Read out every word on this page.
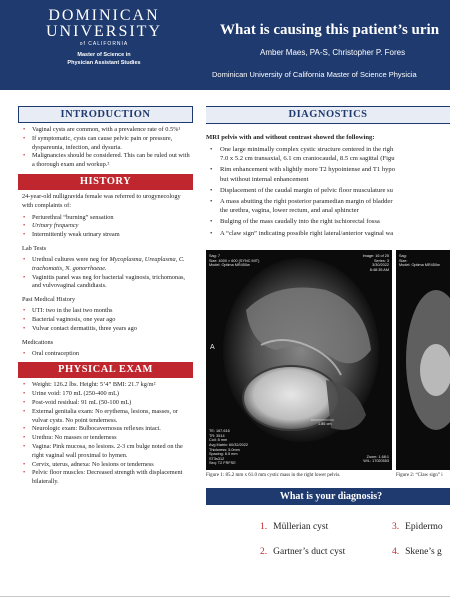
DOMINICAN
UNIVERSITY
of CALIFORNIA
Master of Science in
Physician Assistant Studies
What is causing this patient’s urin
Amber Maes, PA-S, Christopher P. Fores
Dominican University of California Master of Science Physicia
INTRODUCTION
• Vaginal cysts are common, with a prevalence rate of 0.5%¹
• If symptomatic, cysts can cause pelvic pain or pressure, dyspareunia, infection, and dysuria.
• Malignancies should be considered. This can be ruled out with a thorough exam and workup.²
HISTORY
24-year-old nulligravida female was referred to urogynecology with complaints of:
• Periurethral “burning” sensation
• Urinary frequency
• Intermittently weak urinary stream
Lab Tests
• Urethral cultures were neg for Mycoplasma, Ureaplasma, C. trachomatis, N. gonorrhoeae.
• Vaginitis panel was neg for bacterial vaginosis, trichomonas, and vulvovaginal candidiasis.
Past Medical History
• UTI: two in the last two months
• Bacterial vaginosis, one year ago
• Vulvar contact dermatitis, three years ago
Medications
• Oral contraception
PHYSICAL EXAM
• Weight: 126.2 lbs. Height: 5’4” BMI: 21.7 kg/m²
• Urine void: 170 mL (250-400 mL)
• Post-void residual: 91 mL (50-100 mL)
• External genitalia exam: No erythema, lesions, masses, or vulvar cysts. No point tenderness.
• Neurologic exam: Bulbocavernosus reflexes intact.
• Urethra: No masses or tenderness
• Vagina: Pink mucosa, no lesions. 2-3 cm bulge noted on the right vaginal wall proximal to hymen.
• Cervix, uterus, adnexa: No lesions or tenderness
• Pelvic floor muscles: Decreased strength with displacement bilaterally.
DIAGNOSTICS
MRI pelvis with and without contrast showed the following:
• One large minimally complex cystic structure centered in the righ
7.0 x 5.2 cm transaxial, 6.1 cm craniocaudal, 8.5 cm sagittal (Figu
• Rim enhancement with slightly more T2 hypointense and T1 hypo
but without internal enhancement
• Displacement of the caudal margin of pelvic floor musculature su
• A mass abutting the right posterior paramedian margin of bladder
the urethra, vagina, lower rectum, and anal sphincter
• Bulging of the mass caudally into the right ischiorectal fossa
• A “claw sign” indicating possible right lateral/anterior vaginal wa
Sag: 7
Size: 4000 × 600 (SYNC MIT)
Model: Optima MR450w
Image: 16 of 25
Series: 3
3/30/2022
8:48:35 AM
TE: 167.616
TR: 3514
Coil: 8 mm
Avg Matrix: 60/32/2022
Thickness: 5.0mm
Spacing: 6.5 mm
ST3s312
Seq: T2 FRFSE
Zoom: 1.68:1
W/L: 17020553
1.86 cm
A
Sag:
Size:
Model: Optima MR450w
Figure 1: 85.2 mm x 61.0 mm cystic mass in the right lower pelvis.	Figure 2: “Claw sign” i
What is your diagnosis?
1. Müllerian cyst
2. Gartner’s duct cyst
3. Epidermo
4. Skene’s g
